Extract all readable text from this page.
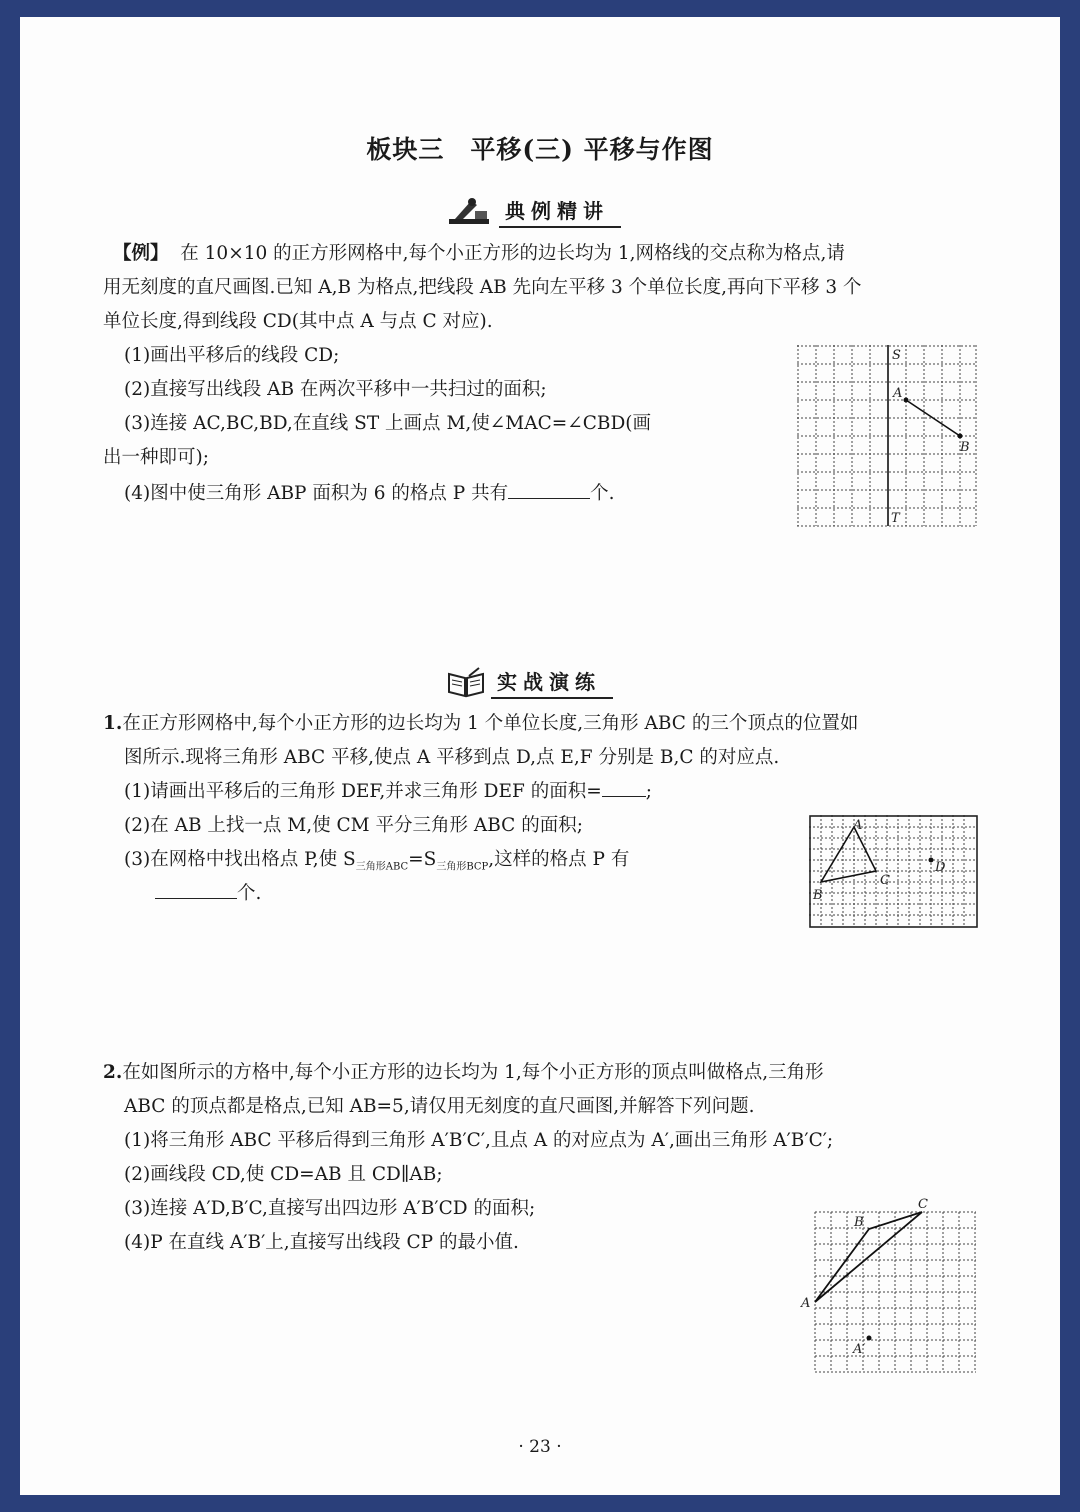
板块三　平移(三) 平移与作图
典例精讲
【例】 在 10×10 的正方形网格中,每个小正方形的边长均为 1,网格线的交点称为格点,请
用无刻度的直尺画图.已知 A,B 为格点,把线段 AB 先向左平移 3 个单位长度,再向下平移 3 个
单位长度,得到线段 CD(其中点 A 与点 C 对应).
(1)画出平移后的线段 CD;
(2)直接写出线段 AB 在两次平移中一共扫过的面积;
(3)连接 AC,BC,BD,在直线 ST 上画点 M,使∠MAC=∠CBD(画
出一种即可);
(4)图中使三角形 ABP 面积为 6 的格点 P 共有	个.
S
T
A
B
实战演练
1.在正方形网格中,每个小正方形的边长均为 1 个单位长度,三角形 ABC 的三个顶点的位置如
图所示.现将三角形 ABC 平移,使点 A 平移到点 D,点 E,F 分别是 B,C 的对应点.
(1)请画出平移后的三角形 DEF,并求三角形 DEF 的面积= ;
(2)在 AB 上找一点 M,使 CM 平分三角形 ABC 的面积;
(3)在网格中找出格点 P,使 $S_{三角形ABC}=S_{三角形BCP}$,这样的格点 P 有
个.
A
B
C
D
2.在如图所示的方格中,每个小正方形的边长均为 1,每个小正方形的顶点叫做格点,三角形
ABC 的顶点都是格点,已知 AB=5,请仅用无刻度的直尺画图,并解答下列问题.
(1)将三角形 ABC 平移后得到三角形 A′B′C′,且点 A 的对应点为 A′,画出三角形 A′B′C′;
(2)画线段 CD,使 CD=AB 且 CD∥AB;
(3)连接 A′D,B′C,直接写出四边形 A′B′CD 的面积;
(4)P 在直线 A′B′上,直接写出线段 CP 的最小值.
A
B
C
A′
· 23 ·
